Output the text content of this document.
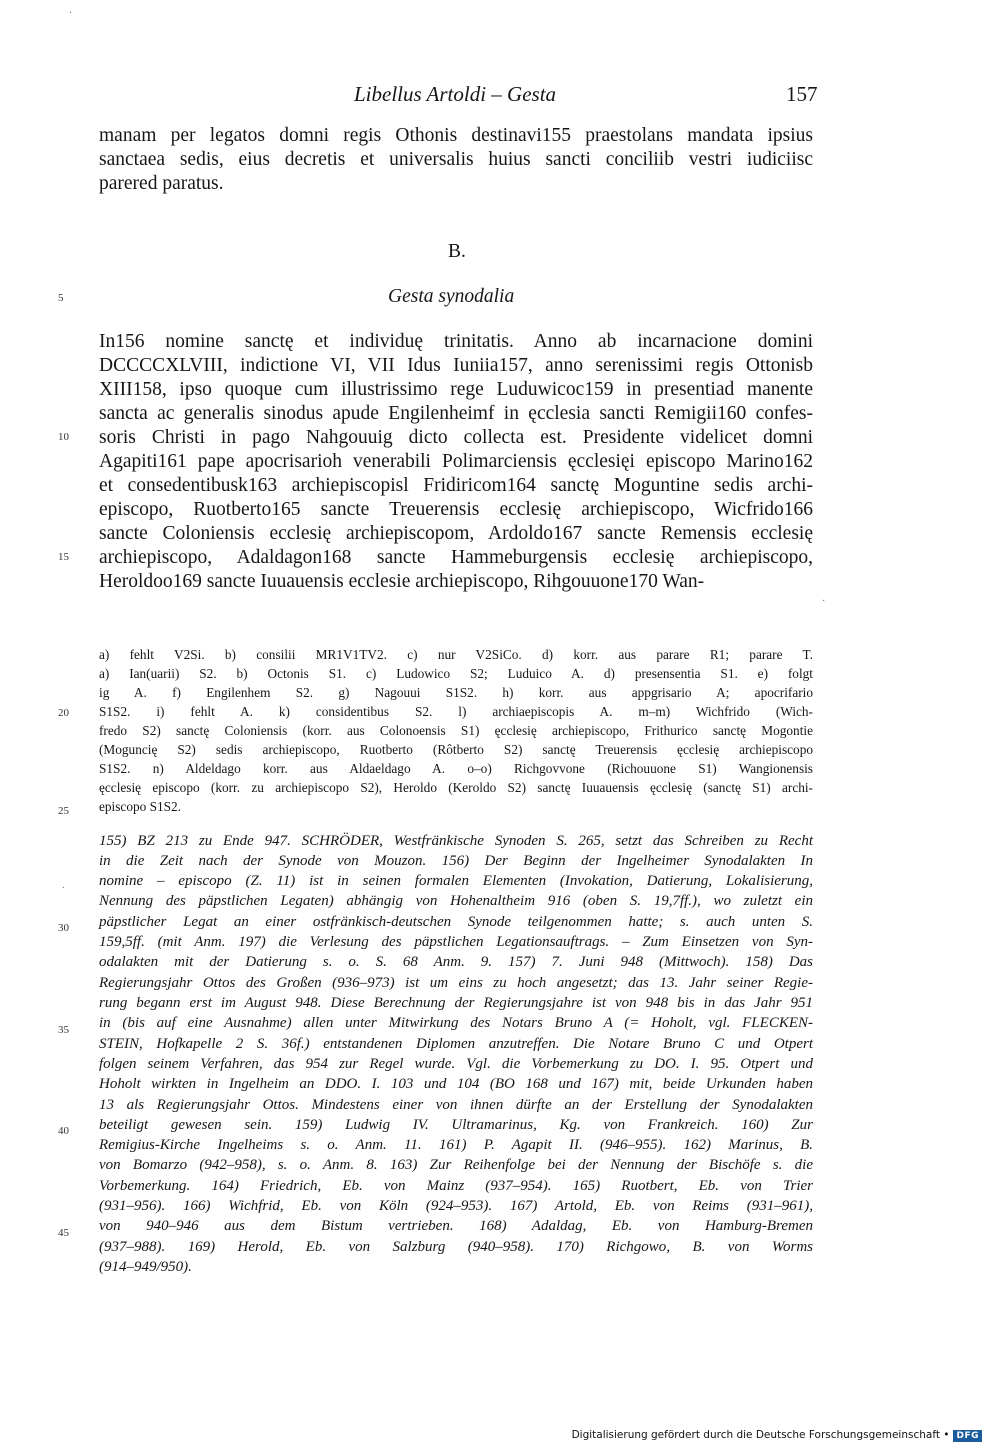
·
Libellus Artoldi – Gesta	157
manam per legatos domni regis Othonis destinavi155 praestolans mandata ipsius
sanctaea sedis, eius decretis et universalis huius sancti conciliib vestri iudiciisc
parered paratus.
B.
Gesta synodalia
In156 nomine sanctę et individuę trinitatis. Anno ab incarnacione domini
DCCCCXLVIII, indictione VI, VII Idus Iuniia157, anno serenissimi regis Ottonisb
XIII158, ipso quoque cum illustrissimo rege Luduwicoc159 in presentiad manente
sancta ac generalis sinodus apude Engilenheimf in ęcclesia sancti Remigii160 confes-
soris Christi in pago Nahgouuig dicto collecta est. Presidente videlicet domni
Agapiti161 pape apocrisarioh venerabili Polimarciensis ęcclesięi episcopo Marino162
et consedentibusk163 archiepiscopisl Fridiricom164 sanctę Moguntine sedis archi-
episcopo, Ruotberto165 sancte Treuerensis ecclesię archiepiscopo, Wicfrido166
sancte Coloniensis ecclesię archiepiscopom, Ardoldo167 sancte Remensis ecclesię
archiepiscopo, Adaldagon168 sancte Hammeburgensis ecclesię archiepiscopo,
Heroldoo169 sancte Iuuauensis ecclesie archiepiscopo, Rihgouuone170 Wan-
5
10
15
20
25
30
35
40
45
.
·
a) fehlt V2Si. b) consilii MR1V1TV2. c) nur V2SiCo. d) korr. aus parare R1; parare T.
a) Ian(uarii) S2. b) Octonis S1. c) Ludowico S2; Luduico A. d) presensentia S1. e) folgt
ig A. f) Engilenhem S2. g) Nagouui S1S2. h) korr. aus appgrisario A; apocrifario
S1S2. i) fehlt A. k) considentibus S2. l) archiaepiscopis A. m–m) Wichfrido (Wich-
fredo S2) sanctę Coloniensis (korr. aus Colonoensis S1) ęcclesię archiepiscopo, Frithurico sanctę Mogontie
(Moguncię S2) sedis archiepiscopo, Ruotberto (Rôtberto S2) sanctę Treuerensis ęcclesię archiepiscopo
S1S2. n) Aldeldago korr. aus Aldaeldago A. o–o) Richgovvone (Richouuone S1) Wangionensis
ęcclesię episcopo (korr. zu archiepiscopo S2), Heroldo (Keroldo S2) sanctę Iuuauensis ęcclesię (sanctę S1) archi-
episcopo S1S2.
155) BZ 213 zu Ende 947. SCHRÖDER, Westfränkische Synoden S. 265, setzt das Schreiben zu Recht
in die Zeit nach der Synode von Mouzon. 156) Der Beginn der Ingelheimer Synodalakten In
nomine – episcopo (Z. 11) ist in seinen formalen Elementen (Invokation, Datierung, Lokalisierung,
Nennung des päpstlichen Legaten) abhängig von Hohenaltheim 916 (oben S. 19,7ff.), wo zuletzt ein
päpstlicher Legat an einer ostfränkisch-deutschen Synode teilgenommen hatte; s. auch unten S.
159,5ff. (mit Anm. 197) die Verlesung des päpstlichen Legationsauftrags. – Zum Einsetzen von Syn-
odalakten mit der Datierung s. o. S. 68 Anm. 9. 157) 7. Juni 948 (Mittwoch). 158) Das
Regierungsjahr Ottos des Großen (936–973) ist um eins zu hoch angesetzt; das 13. Jahr seiner Regie-
rung begann erst im August 948. Diese Berechnung der Regierungsjahre ist von 948 bis in das Jahr 951
in (bis auf eine Ausnahme) allen unter Mitwirkung des Notars Bruno A (= Hoholt, vgl. FLECKEN-
STEIN, Hofkapelle 2 S. 36f.) entstandenen Diplomen anzutreffen. Die Notare Bruno C und Otpert
folgen seinem Verfahren, das 954 zur Regel wurde. Vgl. die Vorbemerkung zu DO. I. 95. Otpert und
Hoholt wirkten in Ingelheim an DDO. I. 103 und 104 (BO 168 und 167) mit, beide Urkunden haben
13 als Regierungsjahr Ottos. Mindestens einer von ihnen dürfte an der Erstellung der Synodalakten
beteiligt gewesen sein. 159) Ludwig IV. Ultramarinus, Kg. von Frankreich. 160) Zur
Remigius-Kirche Ingelheims s. o. Anm. 11. 161) P. Agapit II. (946–955). 162) Marinus, B.
von Bomarzo (942–958), s. o. Anm. 8. 163) Zur Reihenfolge bei der Nennung der Bischöfe s. die
Vorbemerkung. 164) Friedrich, Eb. von Mainz (937–954). 165) Ruotbert, Eb. von Trier
(931–956). 166) Wichfrid, Eb. von Köln (924–953). 167) Artold, Eb. von Reims (931–961),
von 940–946 aus dem Bistum vertrieben. 168) Adaldag, Eb. von Hamburg-Bremen
(937–988). 169) Herold, Eb. von Salzburg (940–958). 170) Richgowo, B. von Worms
(914–949/950).
Digitalisierung gefördert durch die Deutsche Forschungsgemeinschaft • DFG
